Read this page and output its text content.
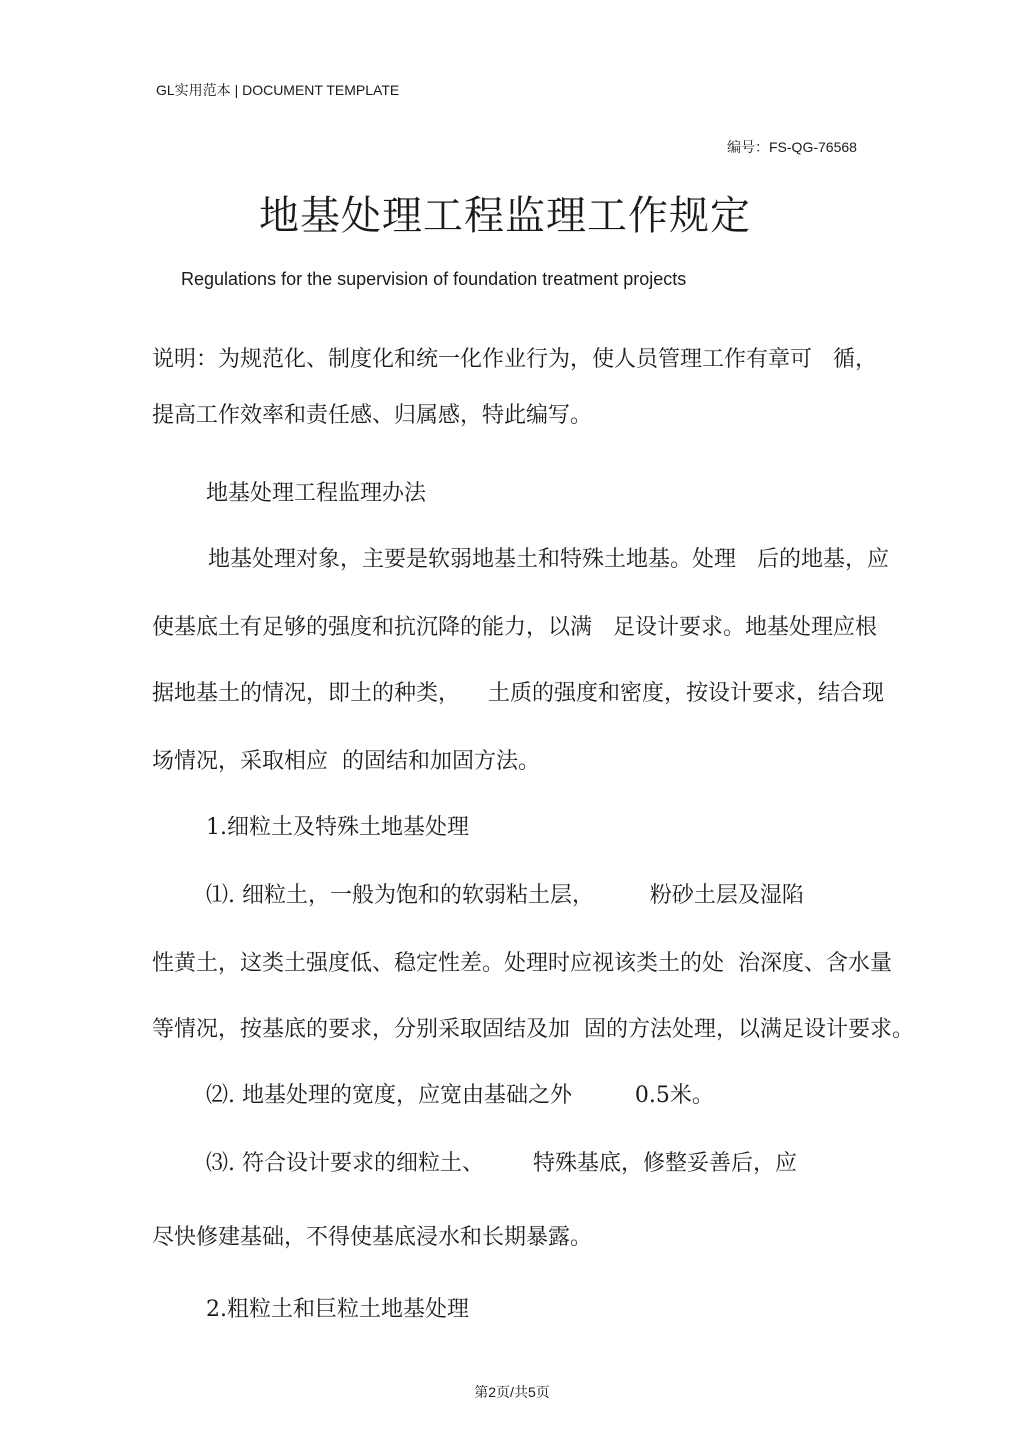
GL实用范本 | DOCUMENT TEMPLATE
编号：FS-QG-76568
地基处理工程监理工作规定
Regulations for the supervision of foundation treatment projects
说明：为规范化、制度化和统一化作业行为，使人员管理工作有章可   循，
提高工作效率和责任感、归属感，特此编写。
地基处理工程监理办法
地基处理对象，主要是软弱地基土和特殊土地基。处理   后的地基，应
使基底土有足够的强度和抗沉降的能力，以满   足设计要求。地基处理应根
据地基土的情况，即土的种类，    土质的强度和密度，按设计要求，结合现
场情况，采取相应  的固结和加固方法。
1.细粒土及特殊土地基处理
⑴. 细粒土，一般为饱和的软弱粘土层，        粉砂土层及湿陷
性黄土，这类土强度低、稳定性差。处理时应视该类土的处  治深度、含水量
等情况，按基底的要求，分别采取固结及加  固的方法处理，以满足设计要求。
⑵. 地基处理的宽度，应宽由基础之外         0.5米。
⑶. 符合设计要求的细粒土、       特殊基底，修整妥善后，应
尽快修建基础，不得使基底浸水和长期暴露。
2.粗粒土和巨粒土地基处理
第2页/共5页
